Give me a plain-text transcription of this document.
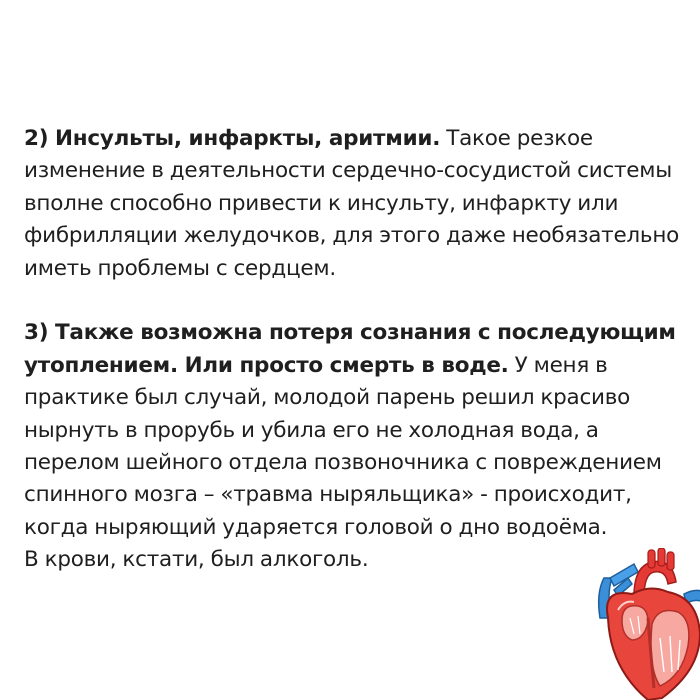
2) Инсульты, инфаркты, аритмии. Такое резкое изменение в деятельности сердечно-сосудистой системы вполне способно привести к инсульту, инфаркту или фибрилляции желудочков, для этого даже необязательно иметь проблемы с сердцем.

3) Также возможна потеря сознания с последующим утоплением. Или просто смерть в воде. У меня в практике был случай, молодой парень решил красиво нырнуть в прорубь и убила его не холодная вода, а перелом шейного отдела позвоночника с повреждением спинного мозга – «травма ныряльщика» - происходит, когда ныряющий ударяется головой о дно водоёма.

В крови, кстати, был алкоголь.
